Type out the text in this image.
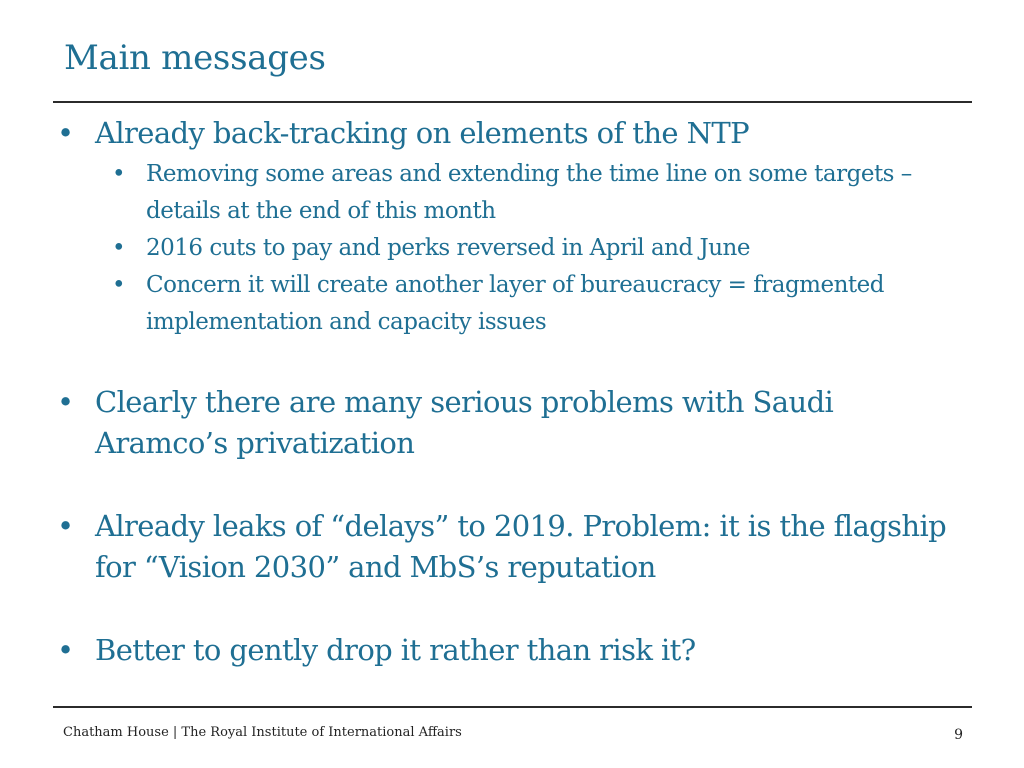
Main messages
• Already back-tracking on elements of the NTP
• Removing some areas and extending the time line on some targets – details at the end of this month
• 2016 cuts to pay and perks reversed in April and June
• Concern it will create another layer of bureaucracy = fragmented implementation and capacity issues
• Clearly there are many serious problems with Saudi Aramco’s privatization
• Already leaks of “delays” to 2019. Problem: it is the flagship for “Vision 2030” and MbS’s reputation
• Better to gently drop it rather than risk it?
Chatham House | The Royal Institute of International Affairs	9
